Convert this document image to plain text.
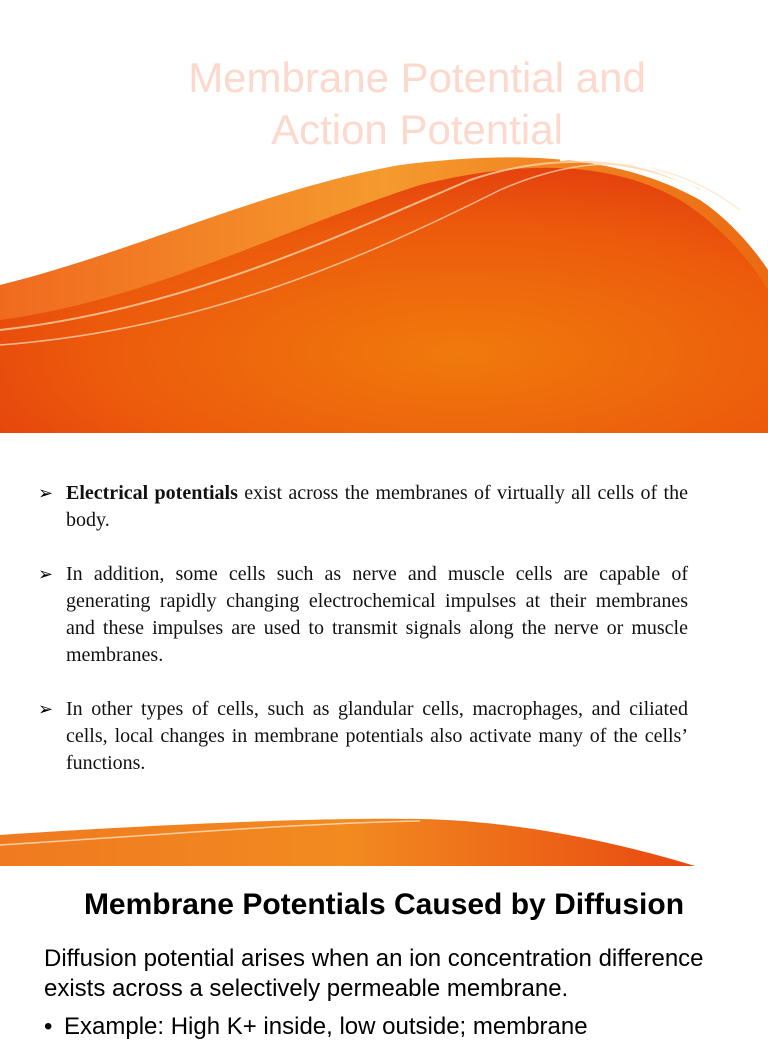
Membrane Potential and
Action Potential
➢ Electrical potentials exist across the membranes of virtually all cells of the body.
➢ In addition, some cells such as nerve and muscle cells are capable of generating rapidly changing electrochemical impulses at their membranes and these impulses are used to transmit signals along the nerve or muscle membranes.
➢ In other types of cells, such as glandular cells, macrophages, and ciliated cells, local changes in membrane potentials also activate many of the cells’ functions.
Membrane Potentials Caused by Diffusion
Diffusion potential arises when an ion concentration difference exists across a selectively permeable membrane.
• Example: High K+ inside, low outside; membrane
